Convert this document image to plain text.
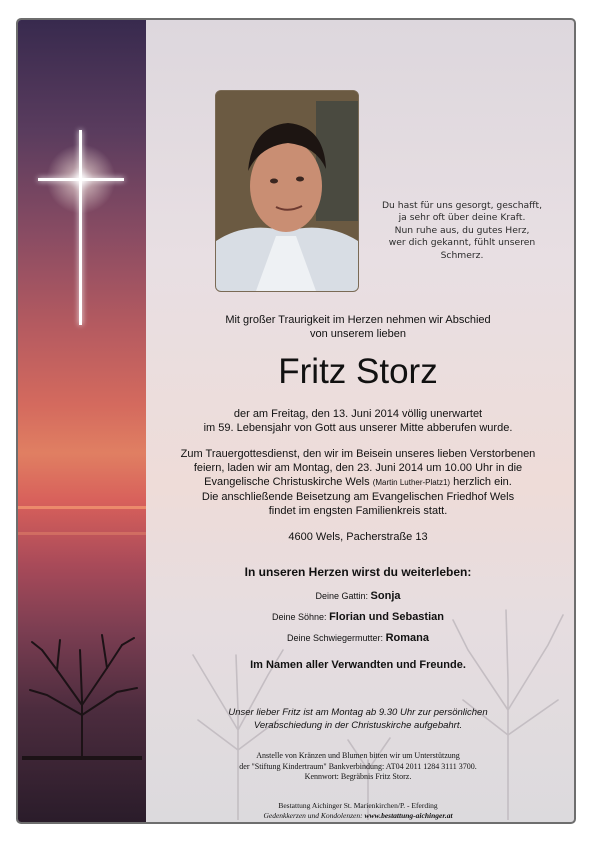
Du hast für uns gesorgt, geschafft,
ja sehr oft über deine Kraft.
Nun ruhe aus, du gutes Herz,
wer dich gekannt, fühlt unseren
Schmerz.
Mit großer Traurigkeit im Herzen nehmen wir Abschied
von unserem lieben
Fritz Storz
der am Freitag, den 13. Juni 2014 völlig unerwartet
im 59. Lebensjahr von Gott aus unserer Mitte abberufen wurde.
Zum Trauergottesdienst, den wir im Beisein unseres lieben Verstorbenen
feiern, laden wir am Montag, den 23. Juni 2014 um 10.00 Uhr in die
Evangelische Christuskirche Wels (Martin Luther-Platz1) herzlich ein.
Die anschließende Beisetzung am Evangelischen Friedhof Wels
findet im engsten Familienkreis statt.
4600 Wels, Pacherstraße 13
In unseren Herzen wirst du weiterleben:
Deine Gattin: Sonja
Deine Söhne: Florian und Sebastian
Deine Schwiegermutter: Romana
Im Namen aller Verwandten und Freunde.
Unser lieber Fritz ist am Montag ab 9.30 Uhr zur persönlichen
Verabschiedung in der Christuskirche aufgebahrt.
Anstelle von Kränzen und Blumen bitten wir um Unterstützung
der "Stiftung Kindertraum" Bankverbindung: AT04 2011 1284 3111 3700.
Kennwort: Begräbnis Fritz Storz.
Bestattung Aichinger St. Marienkirchen/P. - Eferding
Gedenkkerzen und Kondolenzen: www.bestattung-aichinger.at
